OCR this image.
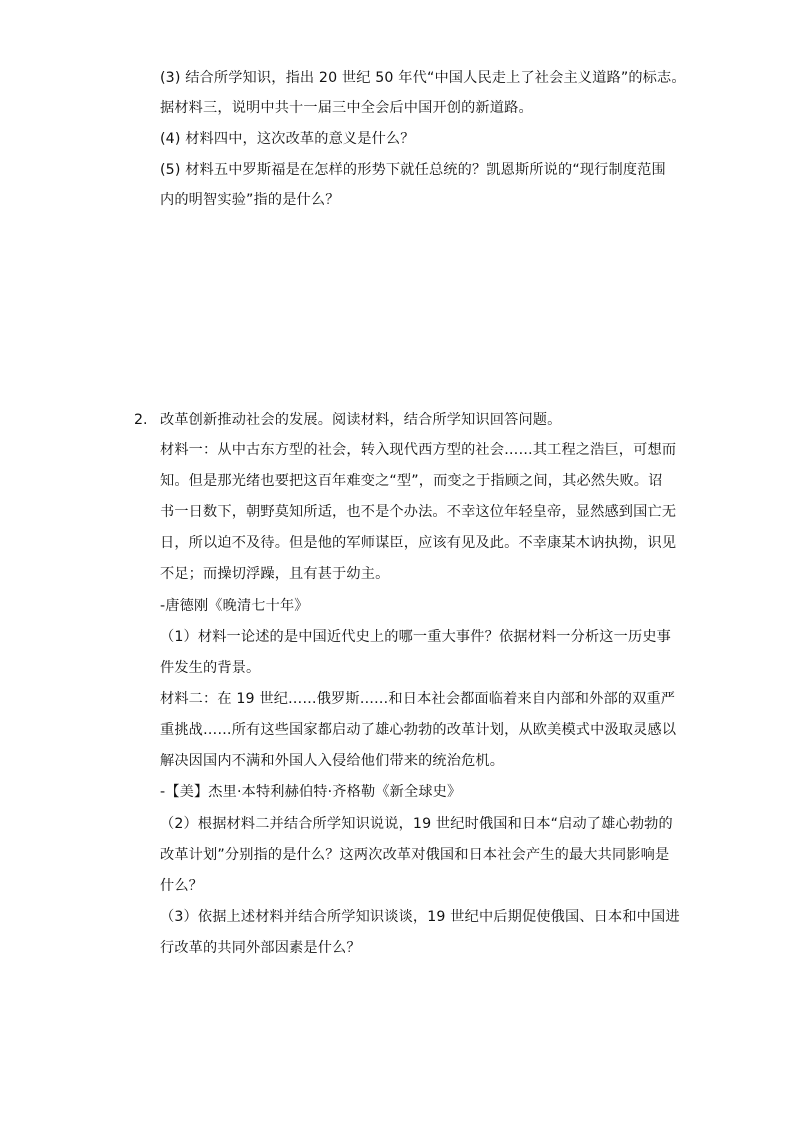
(3) 结合所学知识，指出 20 世纪 50 年代“中国人民走上了社会主义道路”的标志。
据材料三，说明中共十一届三中全会后中国开创的新道路。
(4) 材料四中，这次改革的意义是什么？
(5) 材料五中罗斯福是在怎样的形势下就任总统的？凯恩斯所说的“现行制度范围
内的明智实验”指的是什么？
2. 改革创新推动社会的发展。阅读材料，结合所学知识回答问题。
材料一：从中古东方型的社会，转入现代西方型的社会……其工程之浩巨，可想而
知。但是那光绪也要把这百年难变之“型”，而变之于指顾之间，其必然失败。诏
书一日数下，朝野莫知所适，也不是个办法。不幸这位年轻皇帝，显然感到国亡无
日，所以迫不及待。但是他的军师谋臣，应该有见及此。不幸康某木讷执拗，识见
不足；而操切浮躁，且有甚于幼主。
-唐德刚《晚清七十年》
（1）材料一论述的是中国近代史上的哪一重大事件？依据材料一分析这一历史事
件发生的背景。
材料二：在 19 世纪……俄罗斯……和日本社会都面临着来自内部和外部的双重严
重挑战……所有这些国家都启动了雄心勃勃的改革计划，从欧美模式中汲取灵感以
解决因国内不满和外国人入侵给他们带来的统治危机。
-【美】杰里·本特利赫伯特·齐格勒《新全球史》
（2）根据材料二并结合所学知识说说，19 世纪时俄国和日本“启动了雄心勃勃的
改革计划”分别指的是什么？这两次改革对俄国和日本社会产生的最大共同影响是
什么？
（3）依据上述材料并结合所学知识谈谈，19 世纪中后期促使俄国、日本和中国进
行改革的共同外部因素是什么？
